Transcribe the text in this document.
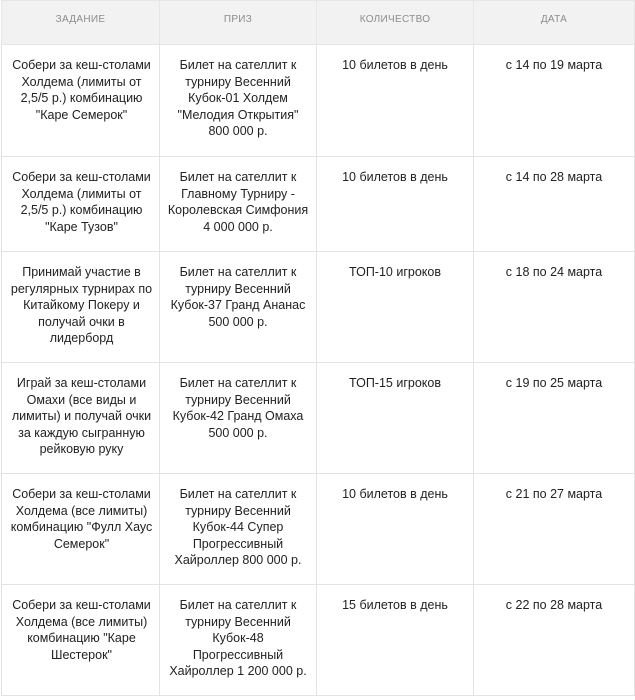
ЗАДАНИЕ	ПРИЗ	КОЛИЧЕСТВО	ДАТА
Собери за кеш-столами Холдема (лимиты от 2,5/5 р.) комбинацию "Каре Семерок"	Билет на сателлит к турниру Весенний Кубок-01 Холдем "Мелодия Открытия" 800 000 р.	10 билетов в день	с 14 по 19 марта
Собери за кеш-столами Холдема (лимиты от 2,5/5 р.) комбинацию "Каре Тузов"	Билет на сателлит к Главному Турниру - Королевская Симфония 4 000 000 р.	10 билетов в день	с 14 по 28 марта
Принимай участие в регулярных турнирах по Китайкому Покеру и получай очки в лидерборд	Билет на сателлит к турниру Весенний Кубок-37 Гранд Ананас 500 000 р.	ТОП-10 игроков	с 18 по 24 марта
Играй за кеш-столами Омахи (все виды и лимиты) и получай очки за каждую сыгранную рейковую руку	Билет на сателлит к турниру Весенний Кубок-42 Гранд Омаха 500 000 р.	ТОП-15 игроков	с 19 по 25 марта
Собери за кеш-столами Холдема (все лимиты) комбинацию "Фулл Хаус Семерок"	Билет на сателлит к турниру Весенний Кубок-44 Супер Прогрессивный Хайроллер 800 000 р.	10 билетов в день	с 21 по 27 марта
Собери за кеш-столами Холдема (все лимиты) комбинацию "Каре Шестерок"	Билет на сателлит к турниру Весенний Кубок-48 Прогрессивный Хайроллер 1 200 000 р.	15 билетов в день	с 22 по 28 марта
